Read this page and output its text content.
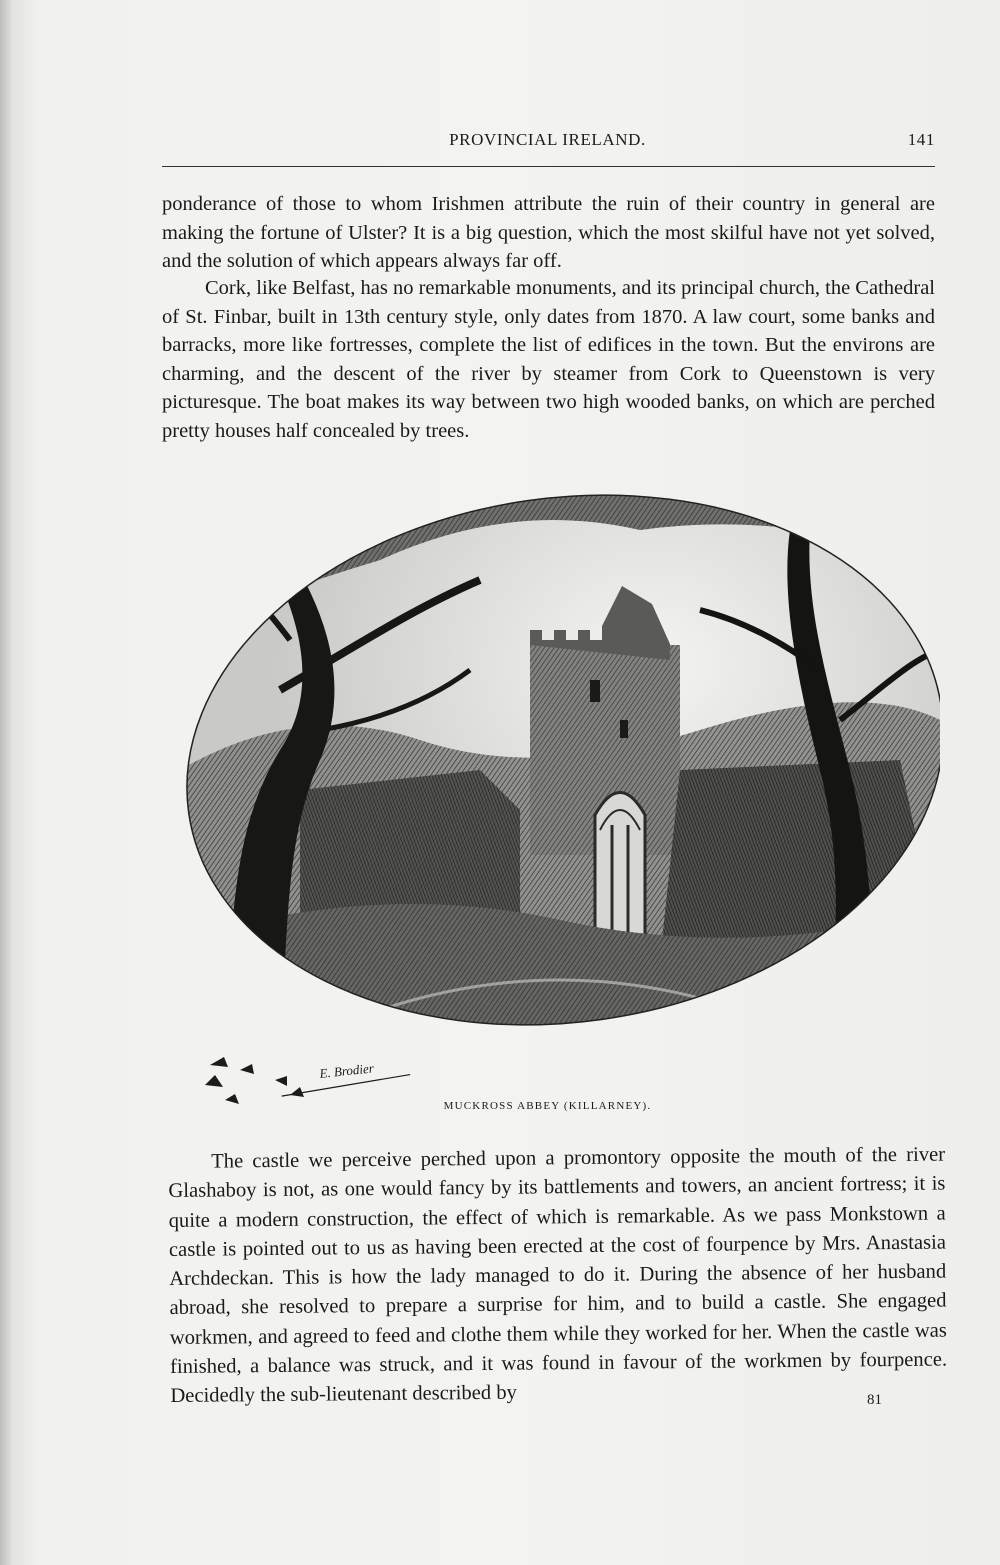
PROVINCIAL IRELAND.	141

ponderance of those to whom Irishmen attribute the ruin of their country in general are making the fortune of Ulster? It is a big question, which the most skilful have not yet solved, and the solution of which appears always far off.

Cork, like Belfast, has no remarkable monuments, and its principal church, the Cathedral of St. Finbar, built in 13th century style, only dates from 1870. A law court, some banks and barracks, more like fortresses, complete the list of edifices in the town. But the environs are charming, and the descent of the river by steamer from Cork to Queenstown is very picturesque. The boat makes its way between two high wooded banks, on which are perched pretty houses half concealed by trees.

E. Brodier
MUCKROSS ABBEY (KILLARNEY).

The castle we perceive perched upon a promontory opposite the mouth of the river Glashaboy is not, as one would fancy by its battlements and towers, an ancient fortress; it is quite a modern construction, the effect of which is remarkable. As we pass Monkstown a castle is pointed out to us as having been erected at the cost of fourpence by Mrs. Anastasia Archdeckan. This is how the lady managed to do it. During the absence of her husband abroad, she resolved to prepare a surprise for him, and to build a castle. She engaged workmen, and agreed to feed and clothe them while they worked for her. When the castle was finished, a balance was struck, and it was found in favour of the workmen by fourpence. Decidedly the sub-lieutenant described by	81
